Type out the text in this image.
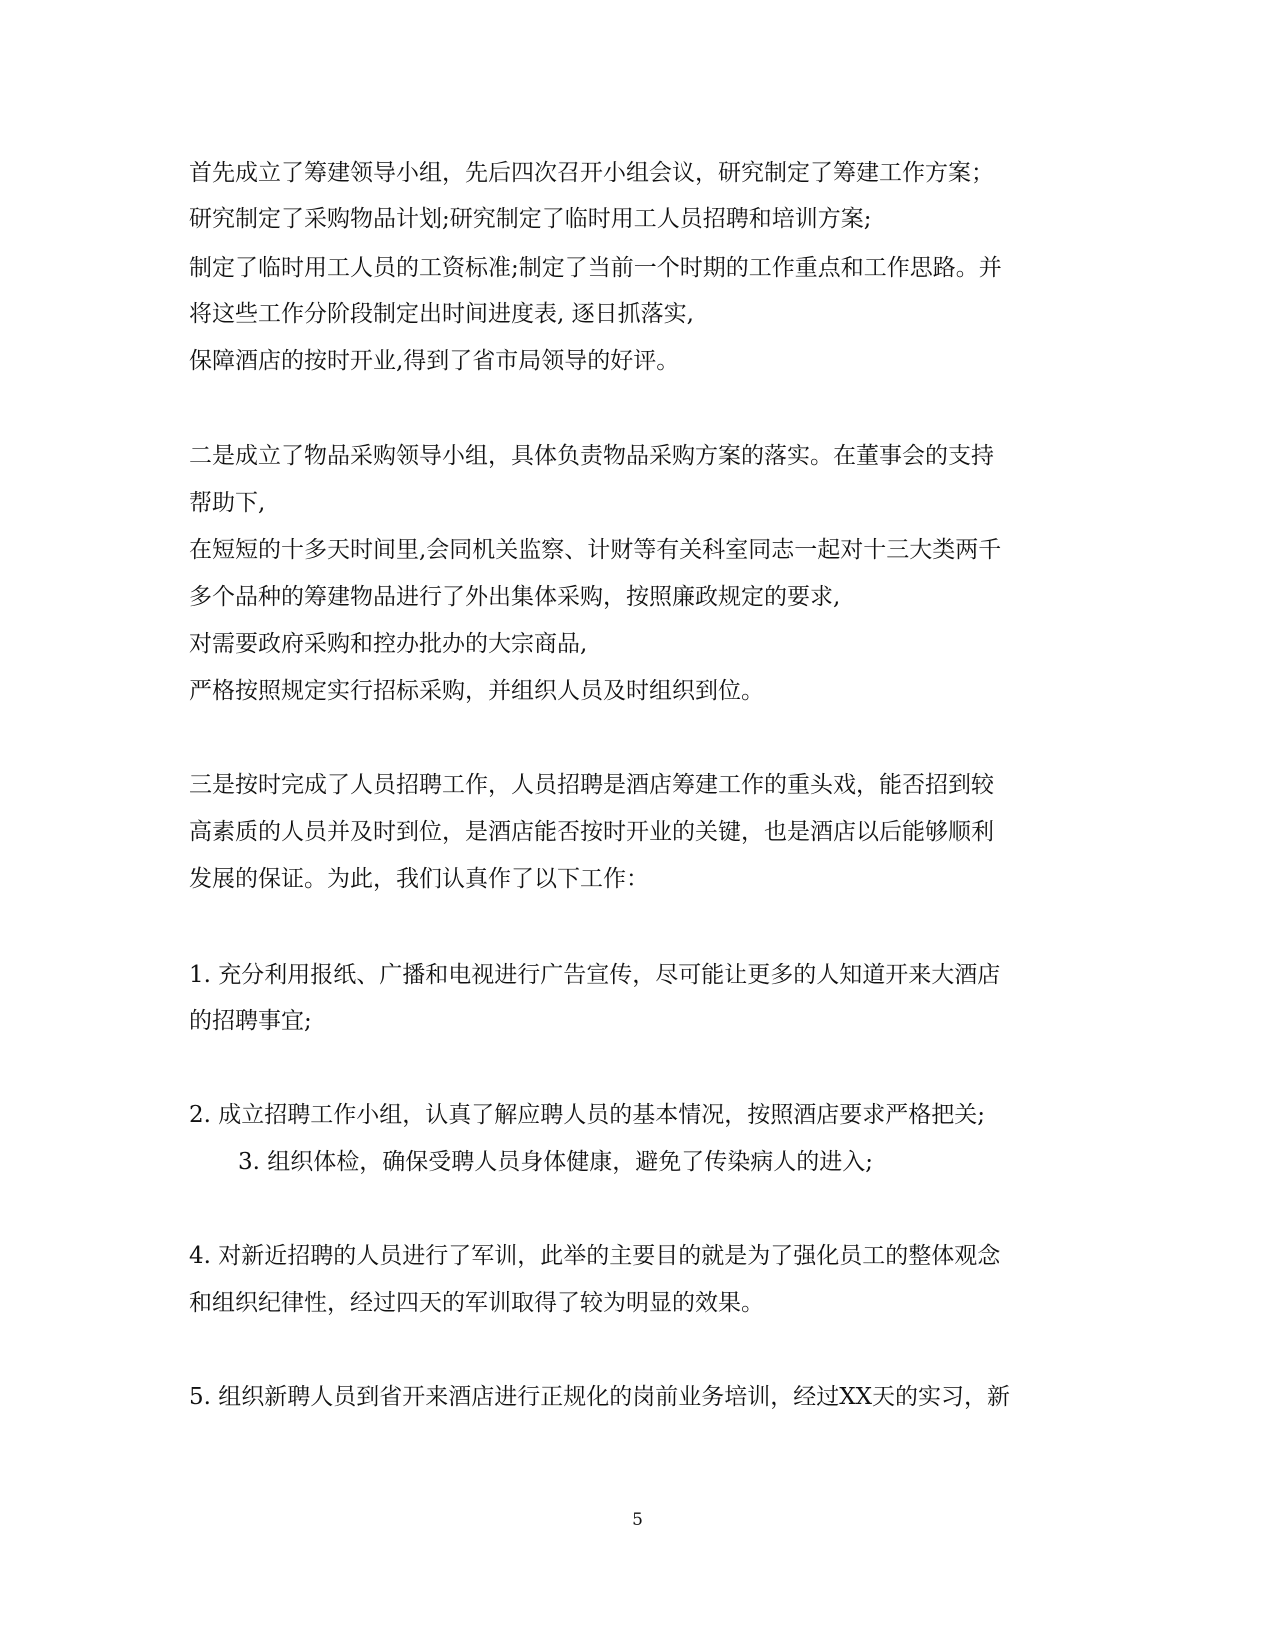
首先成立了筹建领导小组，先后四次召开小组会议，研究制定了筹建工作方案；
研究制定了采购物品计划;研究制定了临时用工人员招聘和培训方案;
制定了临时用工人员的工资标准;制定了当前一个时期的工作重点和工作思路。并
将这些工作分阶段制定出时间进度表, 逐日抓落实,
保障酒店的按时开业,得到了省市局领导的好评。
二是成立了物品采购领导小组，具体负责物品采购方案的落实。在董事会的支持
帮助下,
在短短的十多天时间里,会同机关监察、计财等有关科室同志一起对十三大类两千
多个品种的筹建物品进行了外出集体采购，按照廉政规定的要求,
对需要政府采购和控办批办的大宗商品,
严格按照规定实行招标采购，并组织人员及时组织到位。
三是按时完成了人员招聘工作，人员招聘是酒店筹建工作的重头戏，能否招到较
高素质的人员并及时到位，是酒店能否按时开业的关键，也是酒店以后能够顺利
发展的保证。为此，我们认真作了以下工作：
1. 充分利用报纸、广播和电视进行广告宣传，尽可能让更多的人知道开来大酒店
的招聘事宜;
2. 成立招聘工作小组，认真了解应聘人员的基本情况，按照酒店要求严格把关;
3. 组织体检，确保受聘人员身体健康，避免了传染病人的进入;
4. 对新近招聘的人员进行了军训，此举的主要目的就是为了强化员工的整体观念
和组织纪律性，经过四天的军训取得了较为明显的效果。
5. 组织新聘人员到省开来酒店进行正规化的岗前业务培训，经过XX天的实习，新
5
